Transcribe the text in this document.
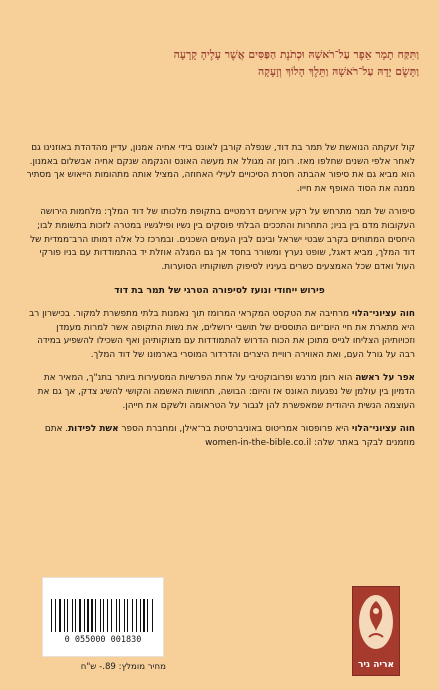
וַתִּקַּח תָמָר אֵפֶר עַל־רֹאשָׁהּ וּכְתֹנֶת הַפַּסִּים אֲשֶׁר עָלֶיהָ קָרָעָה
וַתָּשֶׂם יָדָהּ עַל־רֹאשָׁהּ וַתֵּלֶךְ הָלוֹךְ וְזָעָקָה

קול זעקתה הנואשת של תמר בת דוד, שנפלה קורבן לאונס בידי אחיה אמנון, עדיין מהדהדת באוזנינו גם לאחר אלפי השנים שחלפו מאז. רומן זה מגולל את מעשה האונס והנקמה שנקם אחיה אבשלום באמנון. הוא מביא גם את סיפור אהבתה חסרת הסיכויים לעילי האחוזה, המציל אותה מתהומות הייאוש אך מסתיר ממנה את הסוד האופף את חייו.

סיפורה של תמר מתרחש על רקע אירועים דרמטיים בתקופת מלכותו של דוד המלך: מלחמות הירושה העקובות מדם בין בניו; התחרות והתככים הבלתי פוסקים בין נשיו ופילגשיו במטרה לזכות בתשומת לבו; היחסים המתוחים בקרב שבטי ישראל ובינם לבין העמים השכנים. ובמרכז כל אלה דמותו הרב־ממדית של דוד המלך, מביא דאגל, שופט נערץ ומשורר בחסד אך גם המגלה אוזלת יד בהתמודדות עם בניו פורקי העול ואדם שכל האמצעים כשרים בעיניו לסיפוק תשוקותיו הסוערות.

פירוש ייחודי ונועז לסיפורה הטרגי של תמר בת דוד

חוה עציוני־הלוי מרחיבה את הטקסט המקראי המרומז תוך נאמנות בלתי מתפשרת למקור. בכישרון רב היא מתארת את חיי היום־יום התוססים של תושבי ירושלים, את נשות התקופה אשר למרות מעמדן וזכויותיהן הצליחו לגייס מתוכן את הכוח הדרוש להתמודדות עם מצוקותיהן ואף השכילו להשפיע במידה רבה על גורל העם, ואת האווירה רוויית היצרים והדרדור המוסרי בארמונו של דוד המלך.

אפר על ראשה הוא רומן מרגש ופרובוקטיבי על אחת הפרשיות המסעירות ביותר בתנ"ך, המאיר את הדמיון בין עולמן של נפגעות האונס אז והיום: הבושה, תחושות האשמה והקושי להשיג צדק, אך גם את העוצמה הנשית היהודית שמאפשרת להן לגבור על הטראומה ולשקם את חייהן.

חוה עציוני־הלוי היא פרופסור אמריטוס באוניברסיטת בר־אילן, ומחברת הספר אשת לפידות. אתם מוזמנים לבקר באתר שלה: women-in-the-bible.co.il

0 055000 001830
מחיר מומלץ: 89.- ש"ח	אריה ניר
